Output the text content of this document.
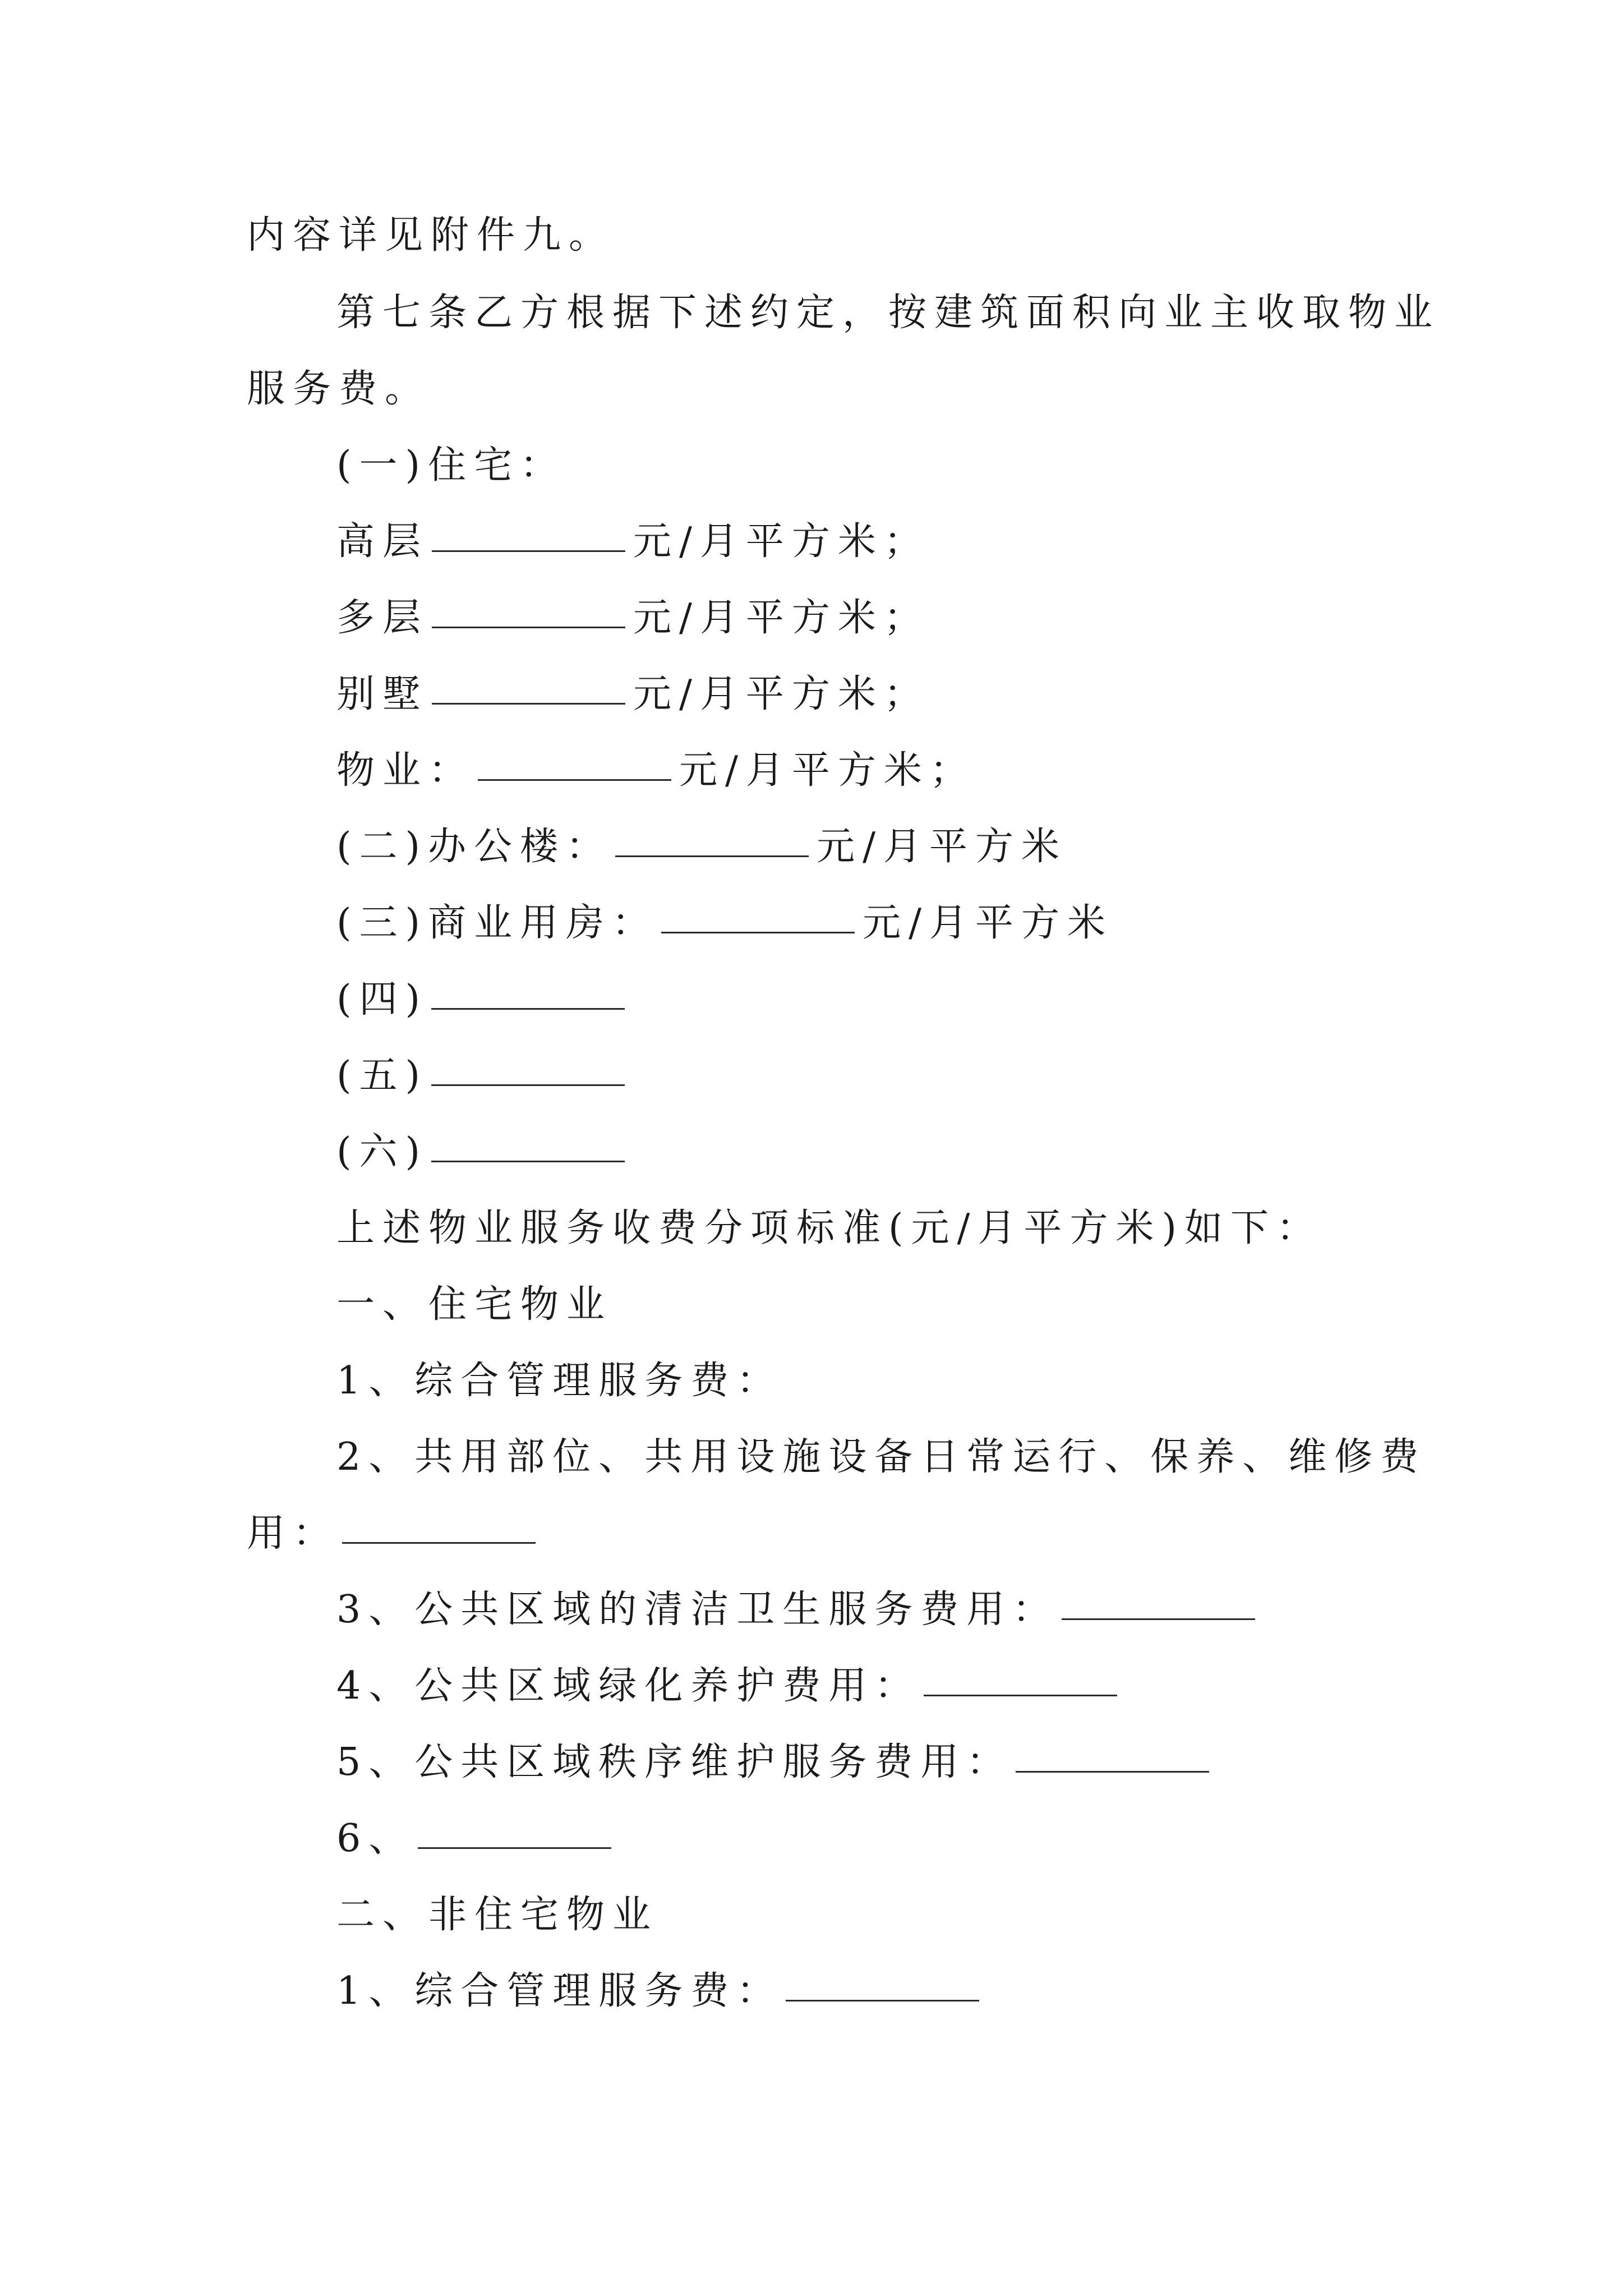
内容详见附件九。
第七条乙方根据下述约定，按建筑面积向业主收取物业
服务费。
(一)住宅：
高层	元/月平方米；
多层	元/月平方米；
别墅	元/月平方米；
物业：	元/月平方米；
(二)办公楼：	元/月平方米
(三)商业用房：	元/月平方米
(四)
(五)
(六)
上述物业服务收费分项标准(元/月平方米)如下：
一、住宅物业
1、综合管理服务费：
2、共用部位、共用设施设备日常运行、保养、维修费
用：
3、公共区域的清洁卫生服务费用：
4、公共区域绿化养护费用：
5、公共区域秩序维护服务费用：
6、
二、非住宅物业
1、综合管理服务费：
